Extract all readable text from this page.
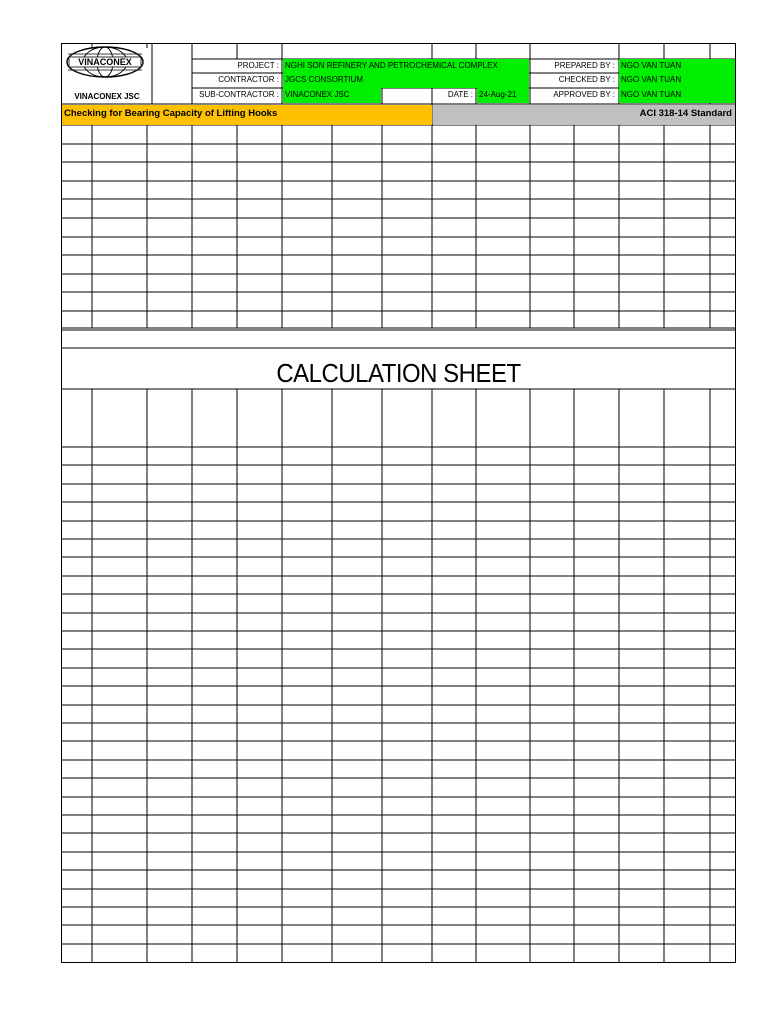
VINACONEX
VINACONEX JSC
PROJECT : NGHI SON REFINERY AND PETROCHEMICAL COMPLEX	PREPARED BY : NGO VAN TUAN
CONTRACTOR : JGCS CONSORTIUM	CHECKED BY : NGO VAN TUAN
SUB-CONTRACTOR : VINACONEX JSC	DATE : 24-Aug-21	APPROVED BY : NGO VAN TUAN
Checking for Bearing Capacity of Lifting Hooks	ACI 318-14 Standard
CALCULATION SHEET
